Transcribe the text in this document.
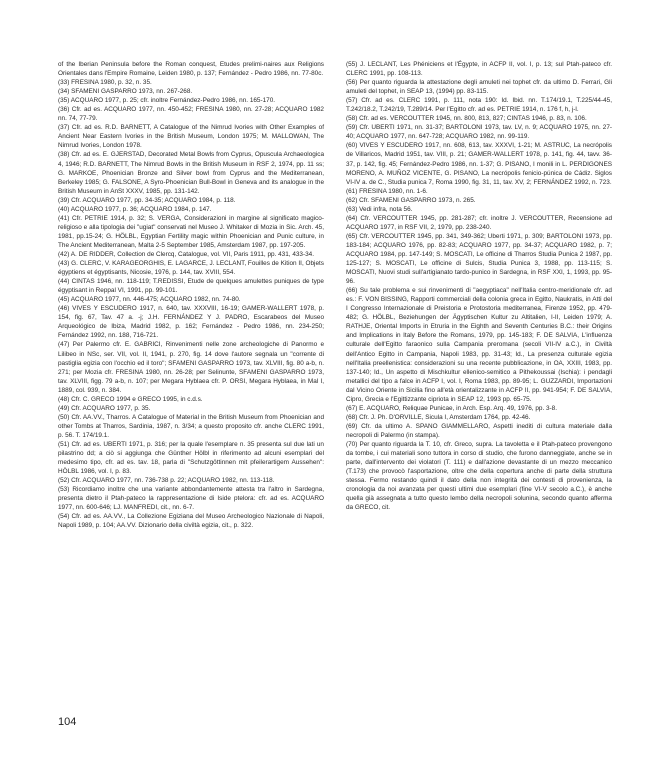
of the Iberian Peninsula before the Roman conquest, Etudes prelimi-naires aux Religions Orientales dans l'Empire Romaine, Leiden 1980, p. 137; Fernández - Pedro 1986, nn. 77-80c.

(33) FRESINA 1980, p. 32, n. 35.

(34) SFAMENI GASPARRO 1973, nn. 267-268.

(35) ACQUARO 1977, p. 25; cfr. inoltre Fernández-Pedro 1986, nn. 165-170.

(36) Cfr. ad es. ACQUARO 1977, nn. 450-452; FRESINA 1980, nn. 27-28; ACQUARO 1982 nn. 74, 77-79.

(37) Cfr. ad es. R.D. BARNETT, A Catalogue of the Nimrud Ivories with Other Examples of Ancient Near Eastern Ivories in the British Museum, London 1975; M. MALLOWAN, The Nimrud Ivories, London 1978.

(38) Cfr. ad es. E. GJERSTAD, Decorated Metal Bowls from Cyprus, Opuscula Archaeologica 4, 1946; R.D. BARNETT, The Nimrud Bowls in the British Museum in RSF 2, 1974, pp. 11 ss; G. MARKOE, Phoenician Bronze and Silver bowl from Cyprus and the Mediterranean, Berkeley 1985; G. FALSONE, A Syro-Phoenician Bull-Bowl in Geneva and its analogue in the British Museum in AnSt XXXV, 1985, pp. 131-142.

(39) Cfr. ACQUARO 1977, pp. 34-35; ACQUARO 1984, p. 118.

(40) ACQUARO 1977, p. 36; ACQUARO 1984, p. 147.

(41) Cfr. PETRIE 1914, p. 32; S. VERGA, Considerazioni in margine al significato magico-religioso e alla tipologia dei "ugiat" conservati nel Museo J. Whitaker di Mozia in Sic. Arch. 45, 1981, pp.15-24; G. HÖLBL, Egyptian Fertility magic within Phoenician and Punic culture, in The Ancient Mediterranean, Malta 2-5 September 1985, Amsterdam 1987, pp. 197-205.

(42) A. DE RIDDER, Collection de Clercq, Catalogue, vol. VII, Paris 1911, pp. 431, 433-34.

(43) G. CLERC, V. KARAGEORGHIS, E. LAGARCE, J. LECLANT, Fouilles de Kition II, Objets égyptiens et égyptisants, Nicosie, 1976, p. 144, tav. XVIII, 554.

(44) CINTAS 1946, nn. 118-119; T.REDISSI, Etude de quelques amulettes puniques de type égyptisant in Reppal VI, 1991, pp. 99-101.

(45) ACQUARO 1977, nn. 446-475; ACQUARO 1982, nn. 74-80.

(46) VIVES Y ESCUDERO 1917, n. 640, tav. XXXVIII, 16-19; GAMER-WALLERT 1978, p. 154, fig. 67, Tav. 47 a. -j; J.H. FERNÁNDEZ Y J. PADRO, Escarabeos del Museo Arqueológico de Ibiza, Madrid 1982, p. 162; Fernández - Pedro 1986, nn. 234-250; Fernández 1992, nn. 188, 716-721.

(47) Per Palermo cfr. E. GABRICI, Rinvenimenti nelle zone archeologiche di Panormo e Lilibeo in NSc, ser. VII, vol. II, 1941, p. 270, fig. 14 dove l'autore segnala un "corrente di pastiglia egizia con l'occhio ed il toro"; SFAMENI GASPARRO 1973, tav. XLVIII, fig. 80 a-b, n. 271; per Mozia cfr. FRESINA 1980, nn. 26-28; per Selinunte, SFAMENI GASPARRO 1973, tav. XLVIII, figg. 79 a-b, n. 107; per Megara Hyblaea cfr. P. ORSI, Megara Hyblaea, in Mal I, 1889, col. 939, n. 384.

(48) Cfr. C. GRECO 1994 e GRECO 1995, in c.d.s.

(49) Cfr. ACQUARO 1977, p. 35.

(50) Cfr. AA.VV., Tharros. A Catalogue of Material in the British Museum from Phoenician and other Tombs at Tharros, Sardinia, 1987, n. 3/34; a questo proposito cfr. anche CLERC 1991, p. 56. T. 174/19.1.

(51) Cfr. ad es. UBERTI 1971, p. 316; per la quale l'esemplare n. 35 presenta sul due lati un pilastrino dd; a ciò si aggiunga che Günther Hölbl in riferimento ad alcuni esemplari del medesimo tipo, cfr. ad es. tav. 18, parla di "Schutzgöttinnen mit pfeilerartigem Aussehen": HÖLBL 1986, vol. I, p. 83.

(52) Cfr. ACQUARO 1977, nn. 736-738 p. 22; ACQUARO 1982, nn. 113-118.

(53) Ricordiamo inoltre che una variante abbondantemente attesta tra l'altro in Sardegna, presenta dietro il Ptah-pateco la rappresentazione di Iside ptelora: cfr. ad es. ACQUARO 1977, nn. 600-646; LJ. MANFREDI, cit., nn. 6-7.

(54) Cfr. ad es. AA.VV., La Collezione Egiziana del Museo Archeologico Nazionale di Napoli, Napoli 1989, p. 104; AA.VV. Dizionario della civiltà egizia, cit., p. 322.

(55) J. LECLANT, Les Phéniciens et l'Égypte, in ACFP II, vol. I, p. 13; sul Ptah-pateco cfr. CLERC 1991, pp. 108-113.

(56) Per quanto riguarda la attestazione degli amuleti nei tophet cfr. da ultimo D. Ferrari, Gli amuleti del tophet, in SEAP 13, (1994) pp. 83-115.

(57) Cfr. ad es. CLERC 1991, p. 111, nota 190: Id. Ibid. nn. T.174/19.1, T.225/44-45, T.242/18.2, T.242/19, T.289/14. Per l'Egitto cfr. ad es. PETRIE 1914, n. 176 f, h, j-l.

(58) Cfr. ad es. VERCOUTTER 1945, nn. 800, 813, 827; CINTAS 1946, p. 83, n. 106.

(59) Cfr. UBERTI 1971, nn. 31-37; BARTOLONI 1973, tav. LV, n. 9; ACQUARO 1975, nn. 27-40; ACQUARO 1977, nn. 647-728; ACQUARO 1982, nn. 99-119.

(60) VIVES Y ESCUDERO 1917, nn. 608, 613, tav. XXXVI, 1-21; M. ASTRUC, La necrópolis de Villaricos, Madrid 1951, tav. VIII, p. 21; GAMER-WALLERT 1978, p. 141, fig. 44, tavv. 36-37, p. 142, fig. 45; Fernández-Pedro 1986, nn. 1-37; G. PISANO, I monili in L. PERDIGONES MORENO, A. MUÑOZ VICENTE, G. PISANO, La necrópolis fenicio-púnica de Cádiz. Siglos VI-IV a. de C., Studia punica 7, Roma 1990, fig. 31, 11, tav. XV, 2; FERNÁNDEZ 1992, n. 723.

(61) FRESINA 1980, nn. 1-6.

(62) Cfr. SFAMENI GASPARRO 1973, n. 265.

(63) Vedi infra, nota 56.

(64) Cfr. VERCOUTTER 1945, pp. 281-287; cfr. inoltre J. VERCOUTTER, Recensione ad ACQUARO 1977, in RSF VII, 2, 1979, pp. 238-240.

(65) Cfr. VERCOUTTER 1945, pp. 341, 349-362; Uberti 1971, p. 309; BARTOLONI 1973, pp. 183-184; ACQUARO 1976, pp. 82-83; ACQUARO 1977, pp. 34-37; ACQUARO 1982, p. 7; ACQUARO 1984, pp. 147-149; S. MOSCATI, Le officine di Tharros Studia Punica 2 1987, pp. 125-127; S. MOSCATI, Le officine di Sulcis, Studia Punica 3, 1988, pp. 113-115; S. MOSCATI, Nuovi studi sull'artigianato tardo-punico in Sardegna, in RSF XXI, 1, 1993, pp. 95-96.

(66) Su tale problema e sui rinvenimenti di "aegyptiaca" nell'Italia centro-meridionale cfr. ad es.: F. VON BISSING, Rapporti commerciali della colonia greca in Egitto, Naukratis, in Atti del I Congresso Internazionale di Preistoria e Protostoria mediterranea, Firenze 1952, pp. 479-482; G. HÖLBL, Beziehungen der Ägyptischen Kultur zu Altitalien, I-II, Leiden 1979; A. RATHJE, Oriental Imports in Etruria in the Eighth and Seventh Centuries B.C.: their Origins and Implications in Italy Before the Romans, 1979, pp. 145-183; F. DE SALVIA, L'influenza culturale dell'Egitto faraonico sulla Campania preromana (secoli VII-IV a.C.), in Civiltà dell'Antico Egitto in Campania, Napoli 1983, pp. 31-43; Id., La presenza culturale egizia nell'Italia preellenistica: considerazioni su una recente pubblicazione, in OA, XXIII, 1983, pp. 137-140; Id., Un aspetto di Mischkultur ellenico-semitico a Pithekoussai (Ischia): i pendagli metallici del tipo a falce in ACFP I, vol. I, Roma 1983, pp. 89-95; L. GUZZARDI, Importazioni dal Vicino Oriente in Sicilia fino all'età orientalizzante in ACFP II, pp. 941-954; F. DE SALVIA, Cipro, Grecia e l'Egittizzante cipriota in SEAP 12, 1993 pp. 65-75.

(67) E. ACQUARO, Reliquae Punicae, in Arch. Esp. Arq. 49, 1976, pp. 3-8.

(68) Cfr. J. Ph. D'ORVILLE, Sicula I, Amsterdam 1764, pp. 42-46.

(69) Cfr. da ultimo A. SPANO GIAMMELLARO, Aspetti inediti di cultura materiale dalla necropoli di Palermo (in stampa).

(70) Per quanto riguarda la T. 10, cfr. Greco, supra. La tavoletta e il Ptah-pateco provengono da tombe, i cui materiali sono tuttora in corso di studio, che furono danneggiate, anche se in parte, dall'intervento dei violatori (T. 111) e dall'azione devastante di un mezzo meccanico (T.173) che provocò l'asportazione, oltre che della copertura anche di parte della struttura stessa. Fermo restando quindi il dato della non integrità dei contesti di provenienza, la cronologia da noi avanzata per questi ultimi due esemplari (fine VI-V secolo a.C.), è anche quella già assegnata a tutto questo lembo della necropoli solunina, secondo quanto afferma da GRECO, cit.

104
